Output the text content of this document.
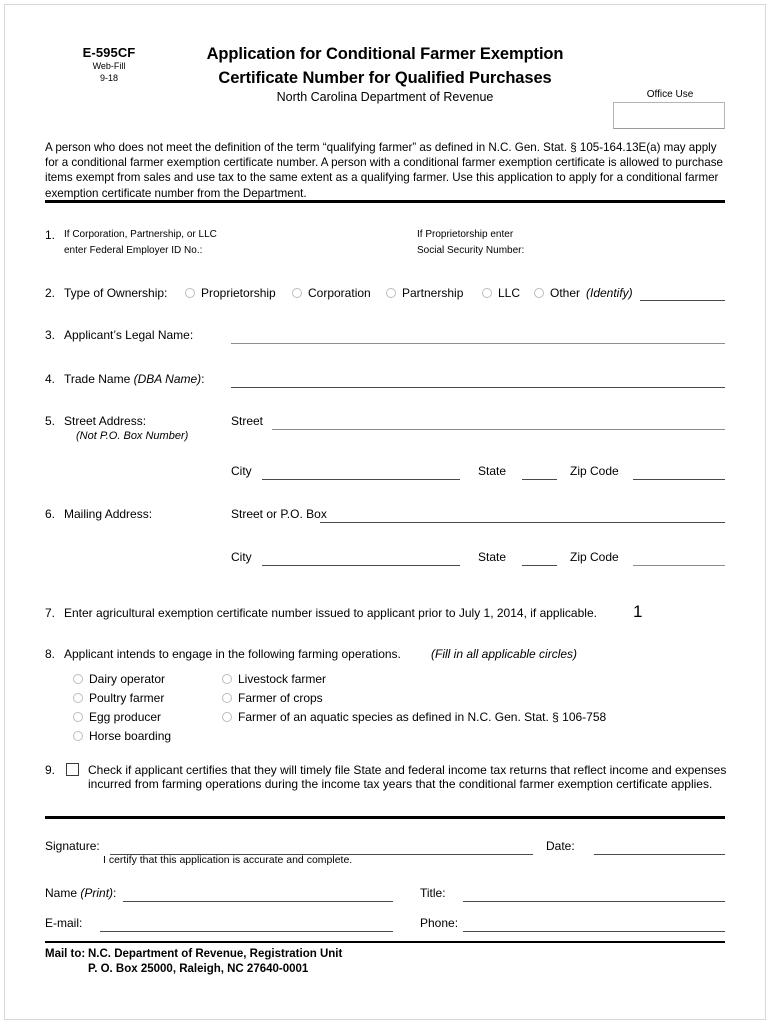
E-595CF
Web-Fill
9-18
Application for Conditional Farmer Exemption
Certificate Number for Qualified Purchases
North Carolina Department of Revenue	Office Use
A person who does not meet the definition of the term “qualifying farmer” as defined in N.C. Gen. Stat. § 105-164.13E(a) may apply for a conditional farmer exemption certificate number. A person with a conditional farmer exemption certificate is allowed to purchase items exempt from sales and use tax to the same extent as a qualifying farmer. Use this application to apply for a conditional farmer exemption certificate number from the Department.
1. If Corporation, Partnership, or LLC
enter Federal Employer ID No.:
If Proprietorship enter
Social Security Number:
2. Type of Ownership:	Proprietorship	Corporation	Partnership	LLC Other (Identify)
3. Applicant’s Legal Name:
4. Trade Name (DBA Name):
5. Street Address:
(Not P.O. Box Number)
Street
City	State	Zip Code
6. Mailing Address:	Street or P.O. Box
City	State	Zip Code
7. Enter agricultural exemption certificate number issued to applicant prior to July 1, 2014, if applicable. 1
8. Applicant intends to engage in the following farming operations.	(Fill in all applicable circles)
Dairy operator
Poultry farmer
Egg producer
Horse boarding
Livestock farmer
Farmer of crops
Farmer of an aquatic species as defined in N.C. Gen. Stat. § 106-758
9.	Check if applicant certifies that they will timely file State and federal income tax returns that reflect income and expenses
incurred from farming operations during the income tax years that the conditional farmer exemption certificate applies.
Signature:	Date:
I certify that this application is accurate and complete.
Name (Print):	Title:
E-mail:	Phone:
Mail to: N.C. Department of Revenue, Registration Unit
P. O. Box 25000, Raleigh, NC 27640-0001
